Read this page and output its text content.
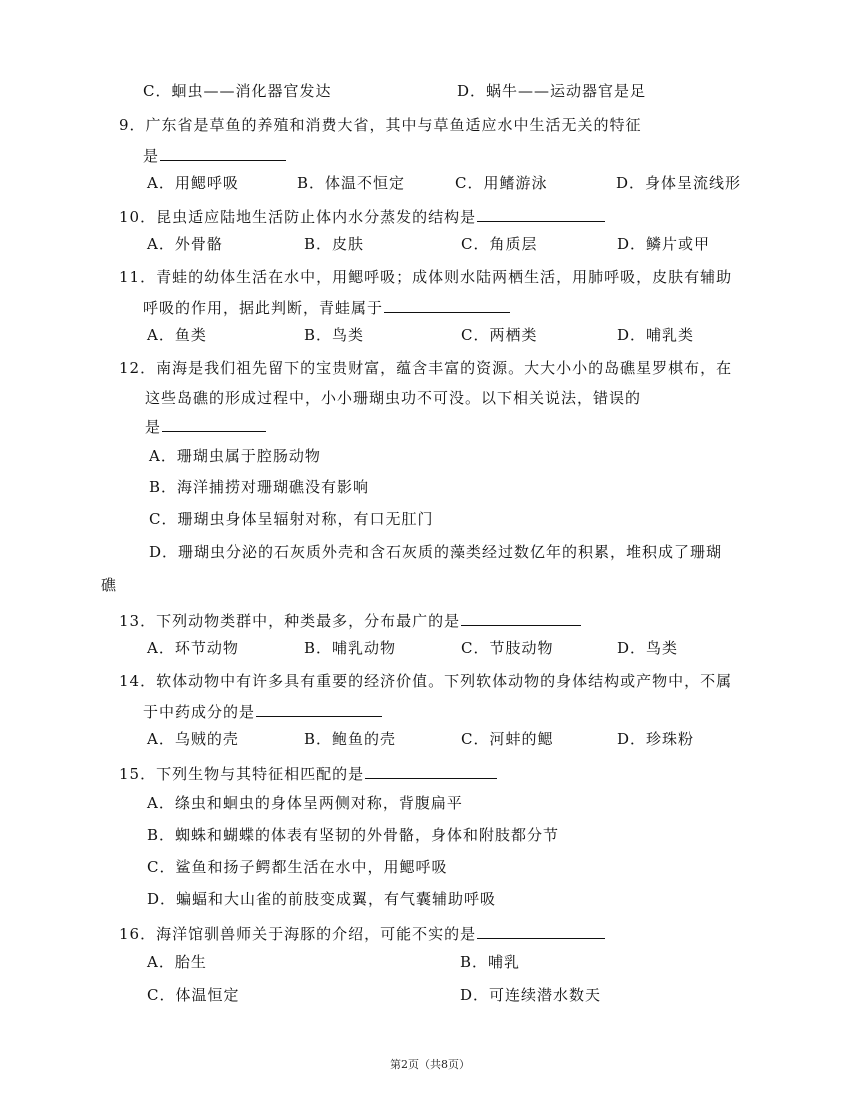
C．蛔虫——消化器官发达	D．蜗牛——运动器官是足
9．广东省是草鱼的养殖和消费大省，其中与草鱼适应水中生活无关的特征
是
A．用鳃呼吸	B．体温不恒定	C．用鳍游泳	D．身体呈流线形
10．昆虫适应陆地生活防止体内水分蒸发的结构是
A．外骨骼	B．皮肤	C．角质层	D．鳞片或甲
11．青蛙的幼体生活在水中，用鳃呼吸；成体则水陆两栖生活，用肺呼吸，皮肤有辅助
呼吸的作用，据此判断，青蛙属于
A．鱼类	B．鸟类	C．两栖类	D．哺乳类
12．南海是我们祖先留下的宝贵财富，蕴含丰富的资源。大大小小的岛礁星罗棋布，在
这些岛礁的形成过程中，小小珊瑚虫功不可没。以下相关说法，错误的
是
A．珊瑚虫属于腔肠动物
B．海洋捕捞对珊瑚礁没有影响
C．珊瑚虫身体呈辐射对称，有口无肛门
D．珊瑚虫分泌的石灰质外壳和含石灰质的藻类经过数亿年的积累，堆积成了珊瑚
礁
13．下列动物类群中，种类最多，分布最广的是
A．环节动物	B．哺乳动物	C．节肢动物	D．鸟类
14．软体动物中有许多具有重要的经济价值。下列软体动物的身体结构或产物中，不属
于中药成分的是
A．乌贼的壳	B．鲍鱼的壳	C．河蚌的鳃	D．珍珠粉
15．下列生物与其特征相匹配的是
A．绦虫和蛔虫的身体呈两侧对称，背腹扁平
B．蜘蛛和蝴蝶的体表有坚韧的外骨骼，身体和附肢都分节
C．鲨鱼和扬子鳄都生活在水中，用鳃呼吸
D．蝙蝠和大山雀的前肢变成翼，有气囊辅助呼吸
16．海洋馆驯兽师关于海豚的介绍，可能不实的是
A．胎生	B．哺乳
C．体温恒定	D．可连续潜水数天
第2页（共8页）
